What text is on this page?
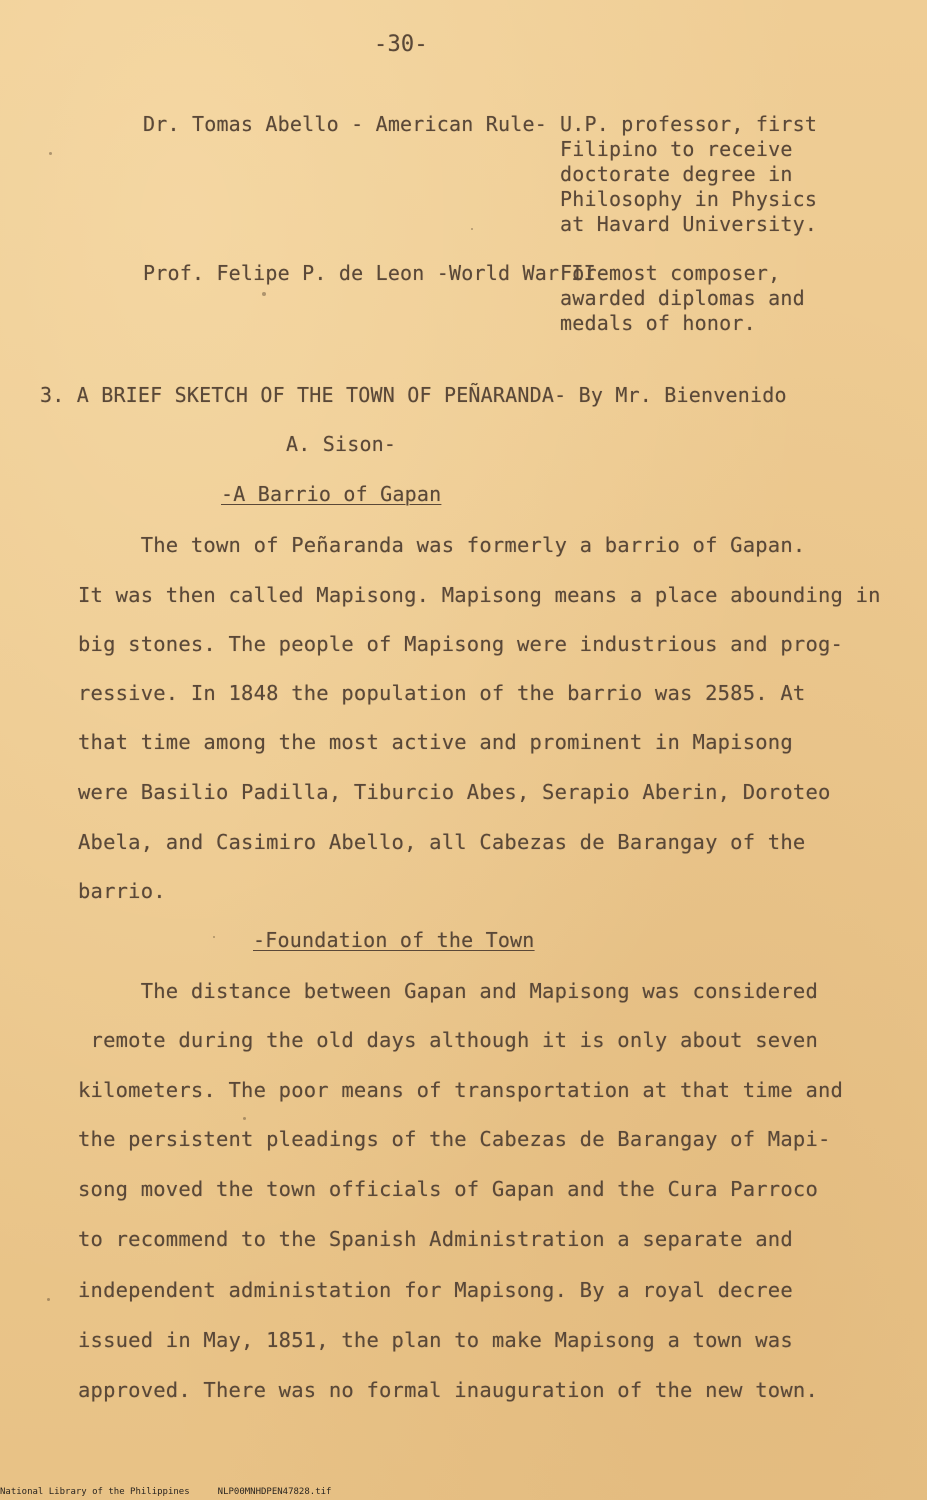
-30-
Dr. Tomas Abello - American Rule- U.P. professor, first
Filipino to receive
doctorate degree in
Philosophy in Physics
at Havard University.
Prof. Felipe P. de Leon -World War II-
Foremost composer,
awarded diplomas and
medals of honor.
3. A BRIEF SKETCH OF THE TOWN OF PEÑARANDA- By Mr. Bienvenido
A. Sison-
-A Barrio of Gapan
The town of Peñaranda was formerly a barrio of Gapan.
It was then called Mapisong. Mapisong means a place abounding in
big stones. The people of Mapisong were industrious and prog-
ressive. In 1848 the population of the barrio was 2585. At
that time among the most active and prominent in Mapisong
were Basilio Padilla, Tiburcio Abes, Serapio Aberin, Doroteo
Abela, and Casimiro Abello, all Cabezas de Barangay of the
barrio.
-Foundation of the Town
The distance between Gapan and Mapisong was considered
remote during the old days although it is only about seven
kilometers. The poor means of transportation at that time and
the persistent pleadings of the Cabezas de Barangay of Mapi-
song moved the town officials of Gapan and the Cura Parroco
to recommend to the Spanish Administration a separate and
independent administation for Mapisong. By a royal decree
issued in May, 1851, the plan to make Mapisong a town was
approved. There was no formal inauguration of the new town.
National Library of the Philippines	NLP00MNHDPEN47828.tif
